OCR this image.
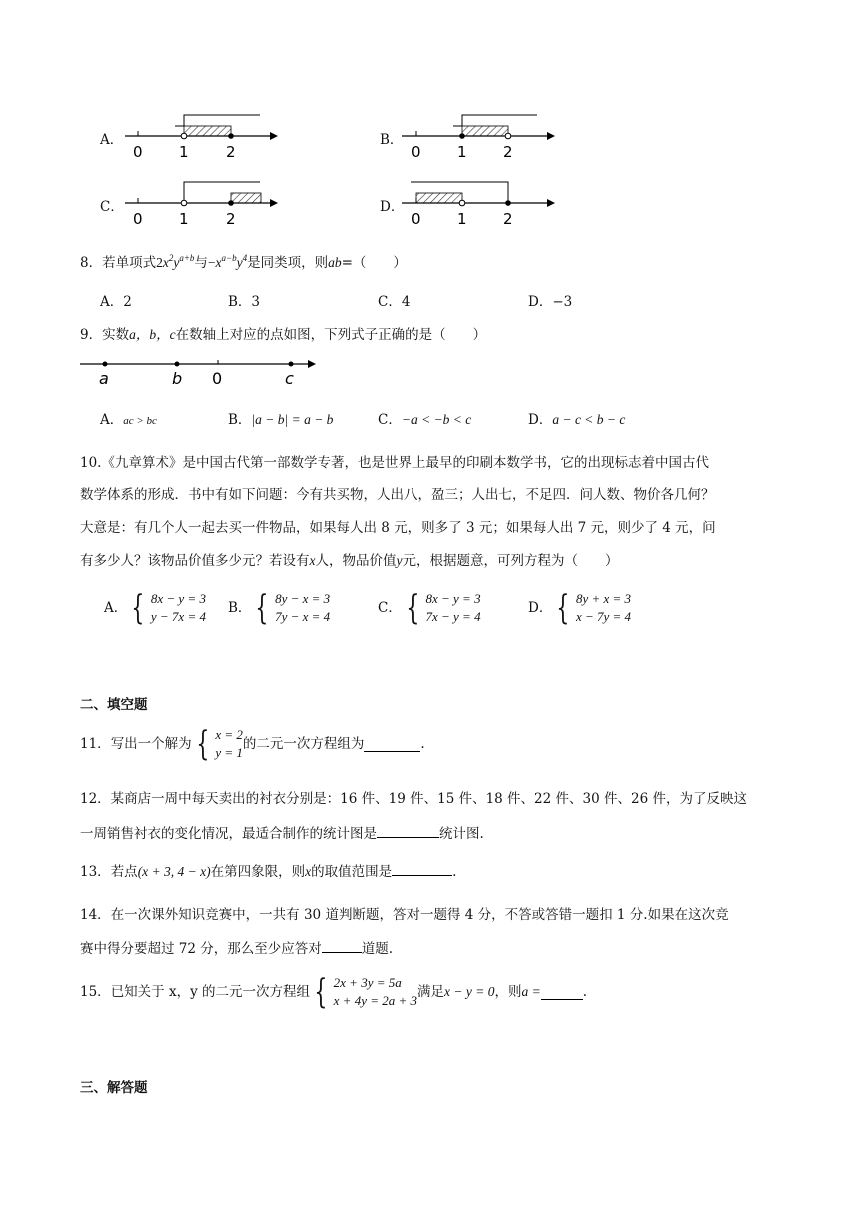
A．
0 1 2
B．
0 1 2
C．
0 1 2
D．
0 1 2
8．若单项式$2x^2y^{a+b}$与$-x^{a-b}y^4$是同类项，则ab=（　　）
A．2	B．3	C．4	D．−3
9．实数a，b，c在数轴上对应的点如图，下列式子正确的是（　　）
a	b 0	c
A．ac > bc	B．|a − b| = a − b	C．−a < −b < c	D．a − c < b − c
10.《九章算术》是中国古代第一部数学专著，也是世界上最早的印刷本数学书，它的出现标志着中国古代
数学体系的形成．书中有如下问题：今有共买物，人出八，盈三；人出七，不足四．问人数、物价各几何？
大意是：有几个人一起去买一件物品，如果每人出 8 元，则多了 3 元；如果每人出 7 元，则少了 4 元，问
有多少人？该物品价值多少元？若设有x人，物品价值y元，根据题意，可列方程为（　　）
A． { 8x − y = 3
y − 7x = 4
B． { 8y − x = 3
7y − x = 4
C． { 8x − y = 3
7x − y = 4
D． { 8y + x = 3
x − 7y = 4
二、填空题
11．写出一个解为 { x = 2
y = 1
的二元一次方程组为	.
12．某商店一周中每天卖出的衬衣分别是：16 件、19 件、15 件、18 件、22 件、30 件、26 件，为了反映这
一周销售衬衣的变化情况，最适合制作的统计图是	统计图.
13．若点(x + 3, 4 − x)在第四象限，则x的取值范围是	.
14．在一次课外知识竞赛中，一共有 30 道判断题，答对一题得 4 分，不答或答错一题扣 1 分.如果在这次竞
赛中得分要超过 72 分，那么至少应答对	道题.
15．已知关于 x，y 的二元一次方程组 { 2x + 3y = 5a
x + 4y = 2a + 3
满足x − y = 0，则a =	.
三、解答题
